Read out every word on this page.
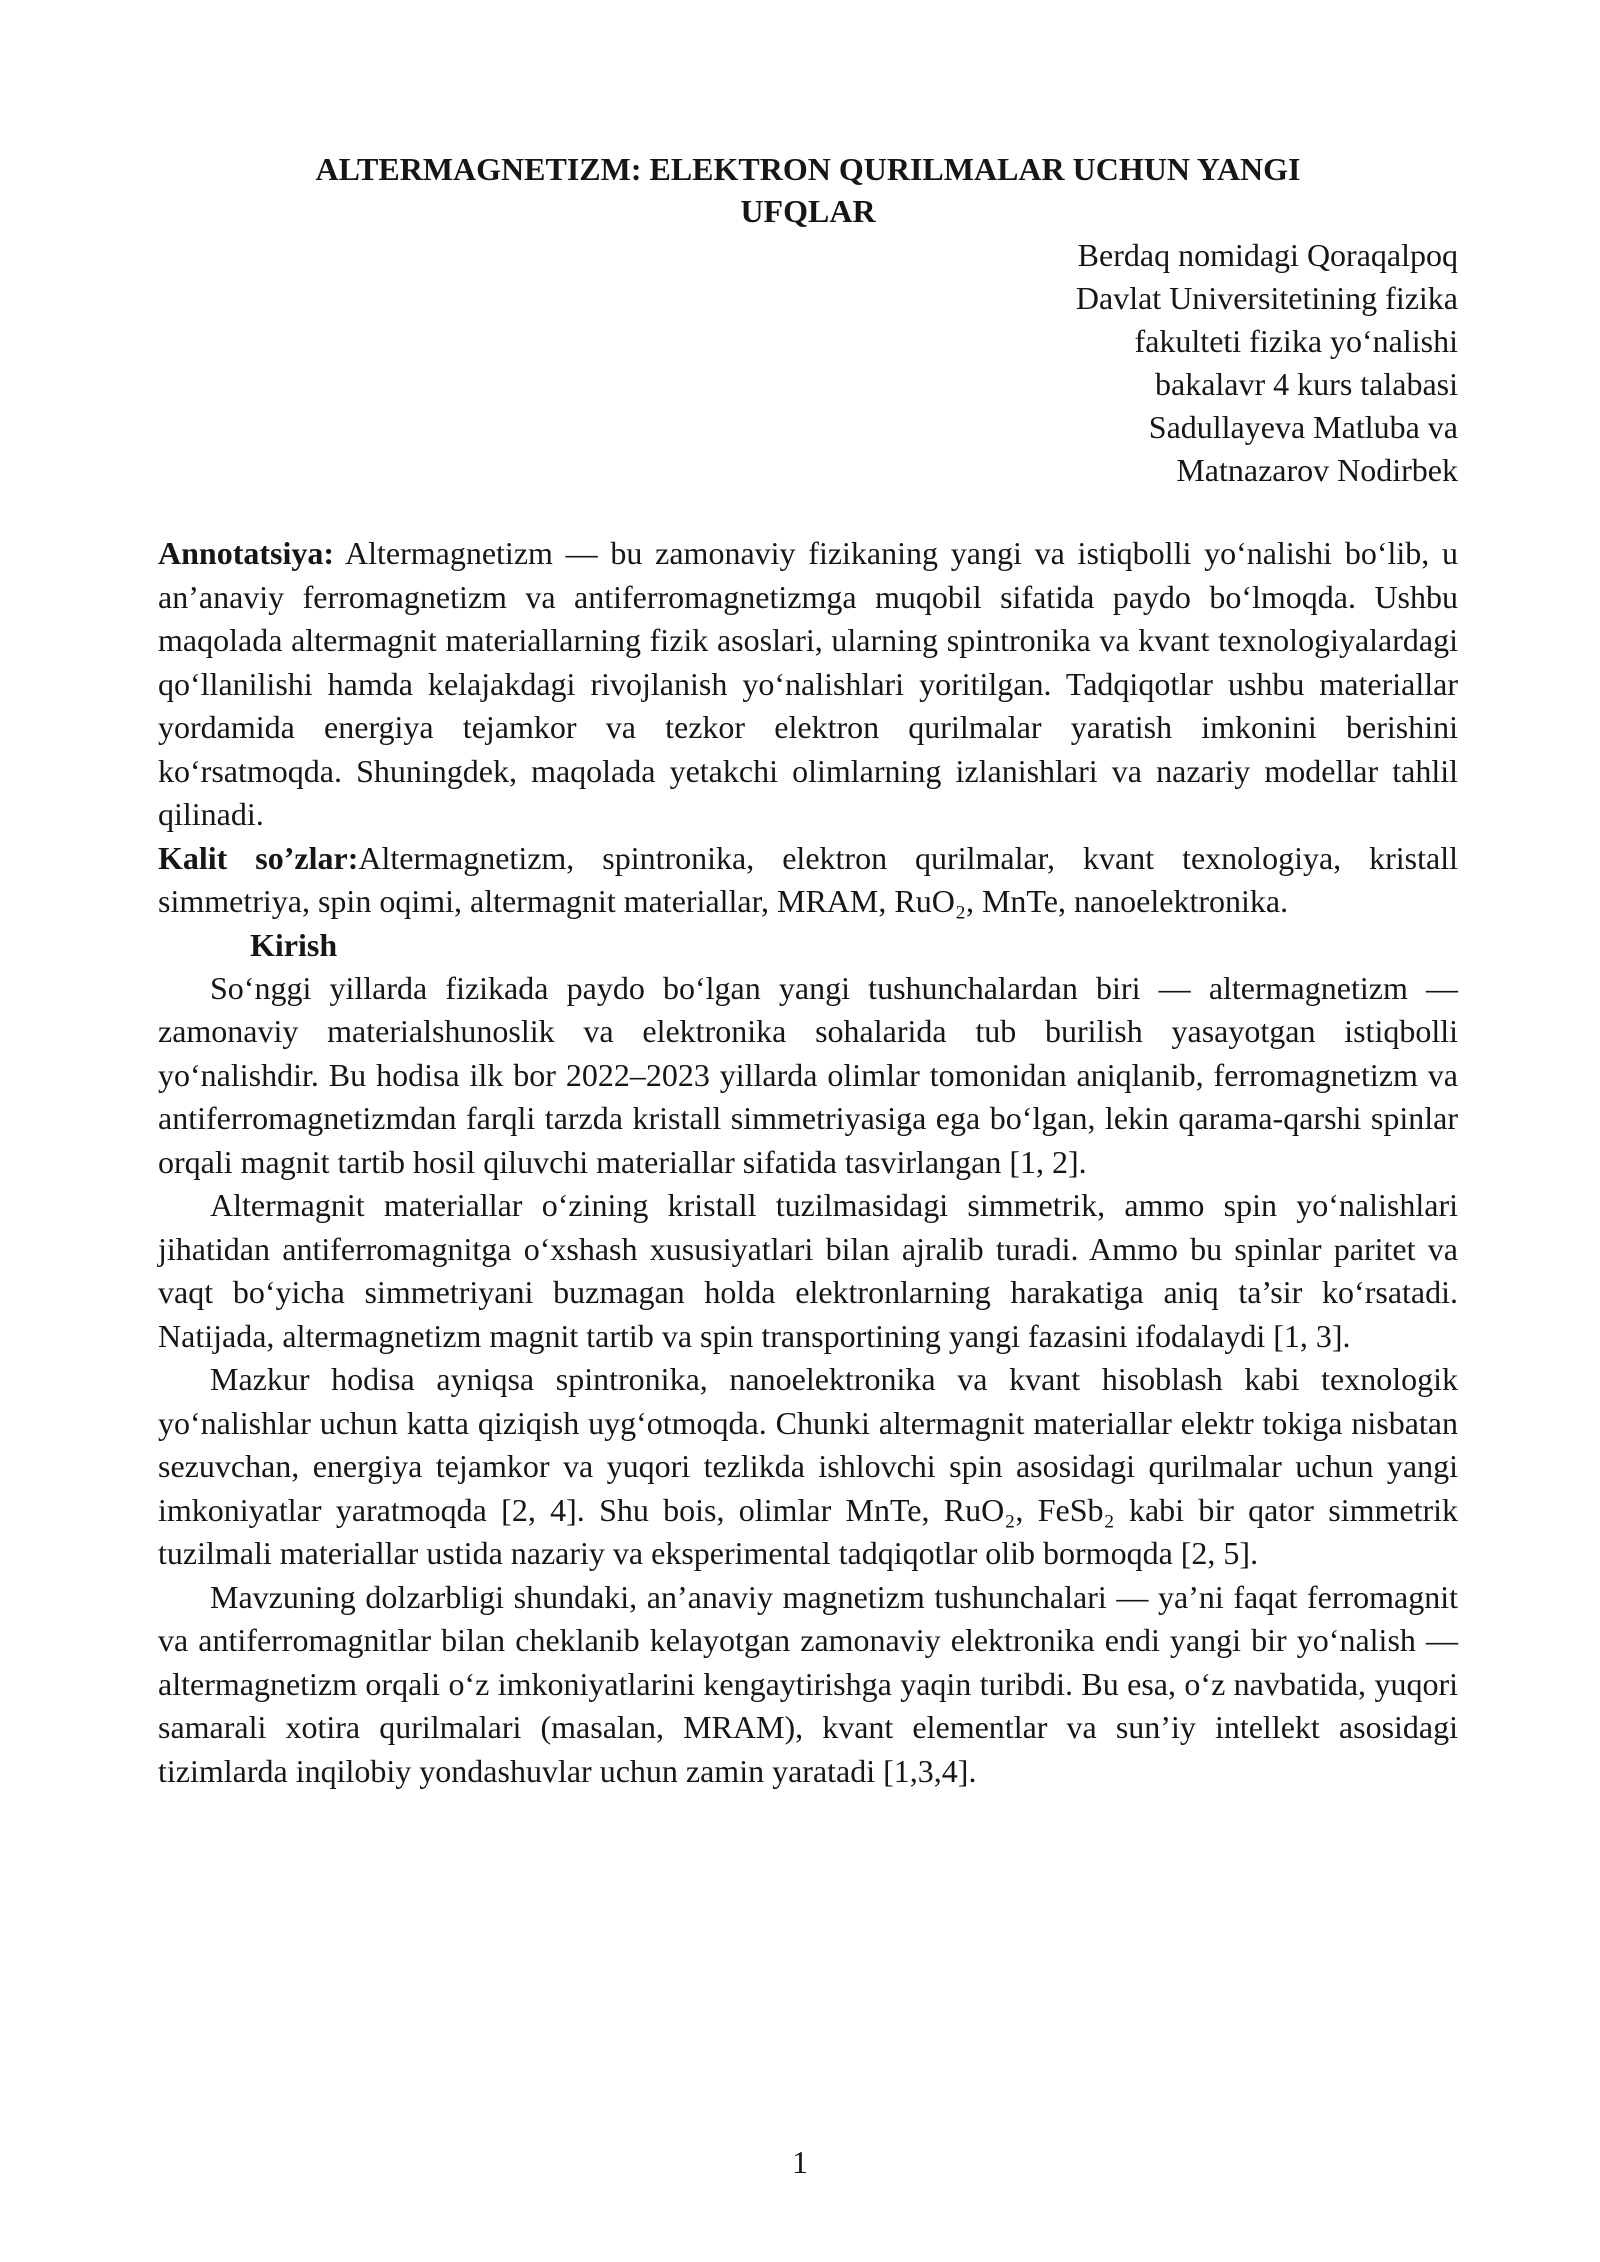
ALTERMAGNETIZM: ELEKTRON QURILMALAR UCHUN YANGI
UFQLAR
Berdaq nomidagi Qoraqalpoq
Davlat Universitetining fizika
fakulteti fizika yo‘nalishi
bakalavr 4 kurs talabasi
Sadullayeva Matluba va
Matnazarov Nodirbek

Annotatsiya: Altermagnetizm — bu zamonaviy fizikaning yangi va istiqbolli yo‘nalishi bo‘lib, u an’anaviy ferromagnetizm va antiferromagnetizmga muqobil sifatida paydo bo‘lmoqda. Ushbu maqolada altermagnit materiallarning fizik asoslari, ularning spintronika va kvant texnologiyalardagi qo‘llanilishi hamda kelajakdagi rivojlanish yo‘nalishlari yoritilgan. Tadqiqotlar ushbu materiallar yordamida energiya tejamkor va tezkor elektron qurilmalar yaratish imkonini berishini ko‘rsatmoqda. Shuningdek, maqolada yetakchi olimlarning izlanishlari va nazariy modellar tahlil qilinadi.

Kalit so’zlar:Altermagnetizm, spintronika, elektron qurilmalar, kvant texnologiya, kristall simmetriya, spin oqimi, altermagnit materiallar, MRAM, RuO₂, MnTe, nanoelektronika.

Kirish

So‘nggi yillarda fizikada paydo bo‘lgan yangi tushunchalardan biri — altermagnetizm — zamonaviy materialshunoslik va elektronika sohalarida tub burilish yasayotgan istiqbolli yo‘nalishdir. Bu hodisa ilk bor 2022–2023 yillarda olimlar tomonidan aniqlanib, ferromagnetizm va antiferromagnetizmdan farqli tarzda kristall simmetriyasiga ega bo‘lgan, lekin qarama-qarshi spinlar orqali magnit tartib hosil qiluvchi materiallar sifatida tasvirlangan [1, 2].

Altermagnit materiallar o‘zining kristall tuzilmasidagi simmetrik, ammo spin yo‘nalishlari jihatidan antiferromagnitga o‘xshash xususiyatlari bilan ajralib turadi. Ammo bu spinlar paritet va vaqt bo‘yicha simmetriyani buzmagan holda elektronlarning harakatiga aniq ta’sir ko‘rsatadi. Natijada, altermagnetizm magnit tartib va spin transportining yangi fazasini ifodalaydi [1, 3].

Mazkur hodisa ayniqsa spintronika, nanoelektronika va kvant hisoblash kabi texnologik yo‘nalishlar uchun katta qiziqish uyg‘otmoqda. Chunki altermagnit materiallar elektr tokiga nisbatan sezuvchan, energiya tejamkor va yuqori tezlikda ishlovchi spin asosidagi qurilmalar uchun yangi imkoniyatlar yaratmoqda [2, 4]. Shu bois, olimlar MnTe, RuO₂, FeSb₂ kabi bir qator simmetrik tuzilmali materiallar ustida nazariy va eksperimental tadqiqotlar olib bormoqda [2, 5].

Mavzuning dolzarbligi shundaki, an’anaviy magnetizm tushunchalari — ya’ni faqat ferromagnit va antiferromagnitlar bilan cheklanib kelayotgan zamonaviy elektronika endi yangi bir yo‘nalish — altermagnetizm orqali o‘z imkoniyatlarini kengaytirishga yaqin turibdi. Bu esa, o‘z navbatida, yuqori samarali xotira qurilmalari (masalan, MRAM), kvant elementlar va sun’iy intellekt asosidagi tizimlarda inqilobiy yondashuvlar uchun zamin yaratadi [1,3,4].

1
